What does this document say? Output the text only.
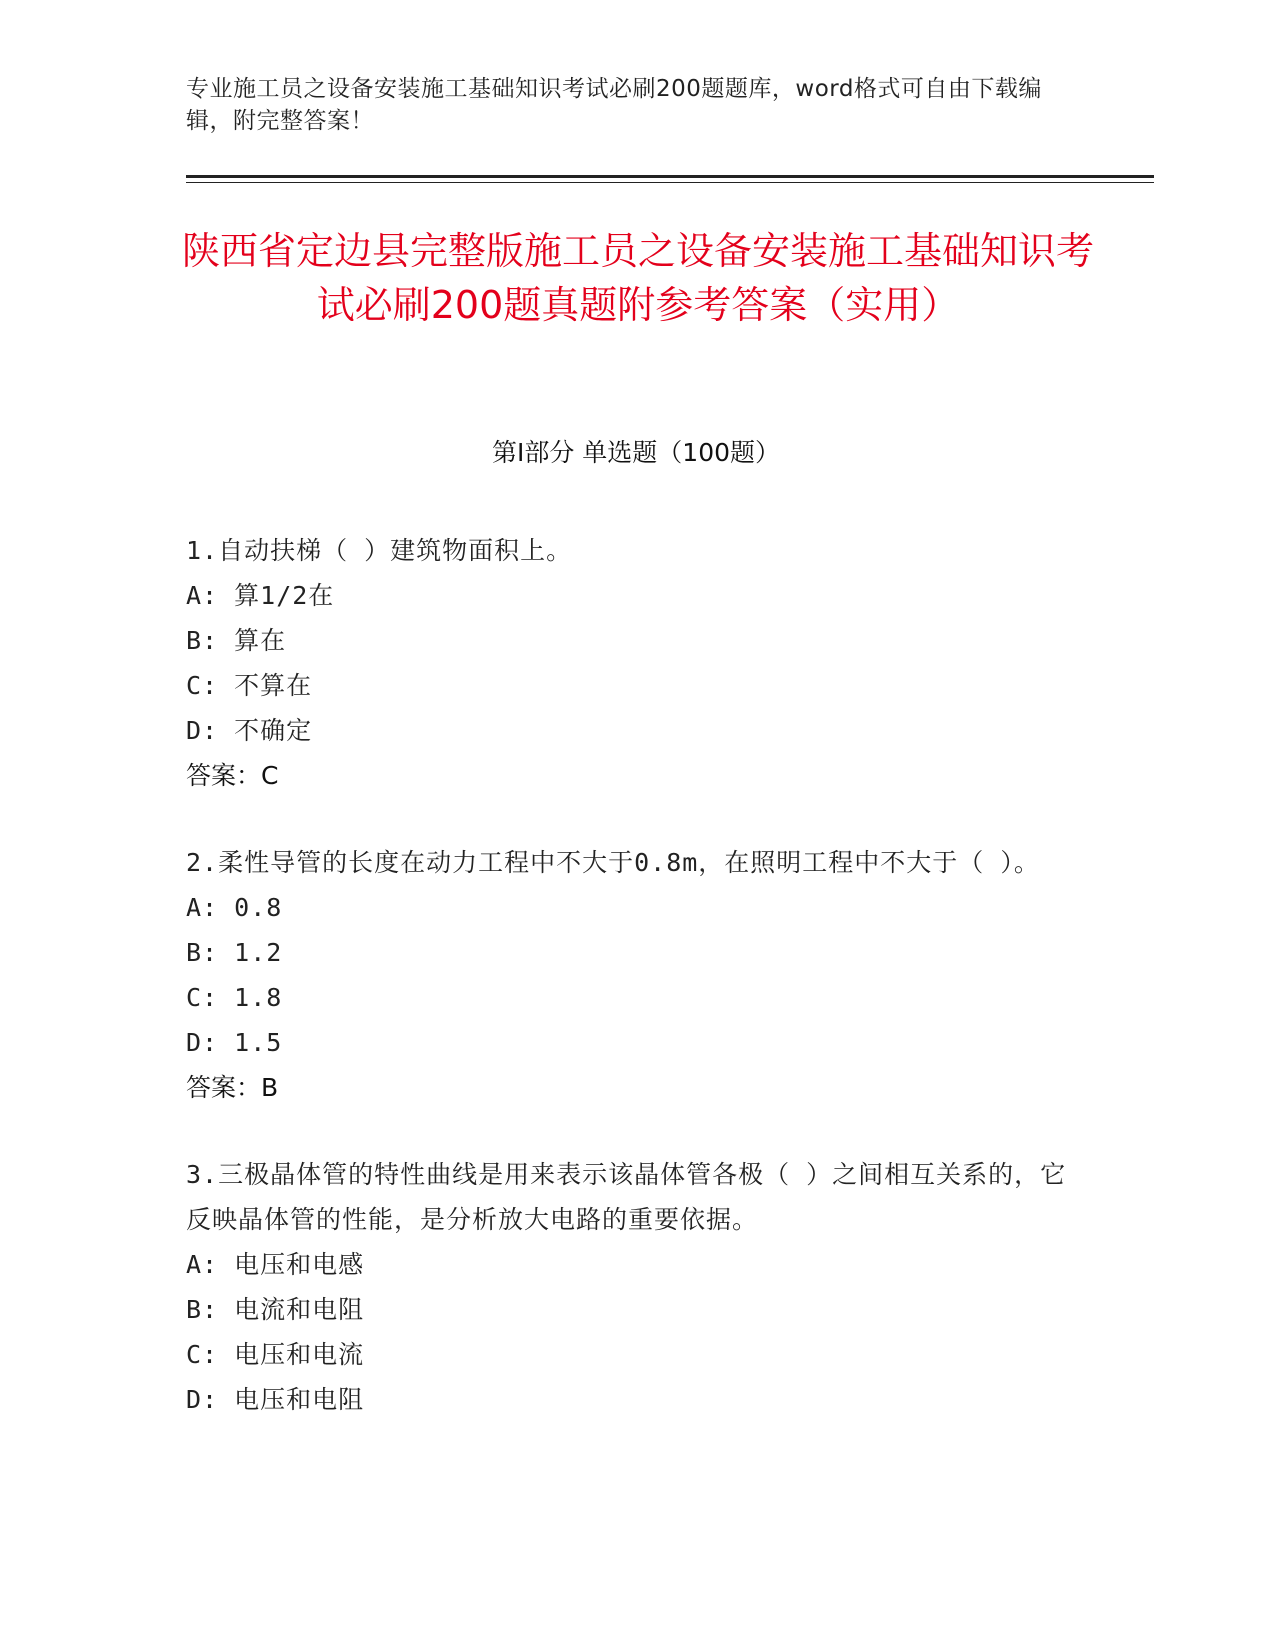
专业施工员之设备安装施工基础知识考试必刷200题题库，word格式可自由下载编辑，附完整答案！
陕西省定边县完整版施工员之设备安装施工基础知识考试必刷200题真题附参考答案（实用）
第Ⅰ部分 单选题（100题）
1.自动扶梯（ ）建筑物面积上。
A: 算1/2在
B: 算在
C: 不算在
D: 不确定
答案：C
2.柔性导管的长度在动力工程中不大于0.8m，在照明工程中不大于（ ）。
A: 0.8
B: 1.2
C: 1.8
D: 1.5
答案：B
3.三极晶体管的特性曲线是用来表示该晶体管各极（ ）之间相互关系的，它反映晶体管的性能，是分析放大电路的重要依据。
A: 电压和电感
B: 电流和电阻
C: 电压和电流
D: 电压和电阻
